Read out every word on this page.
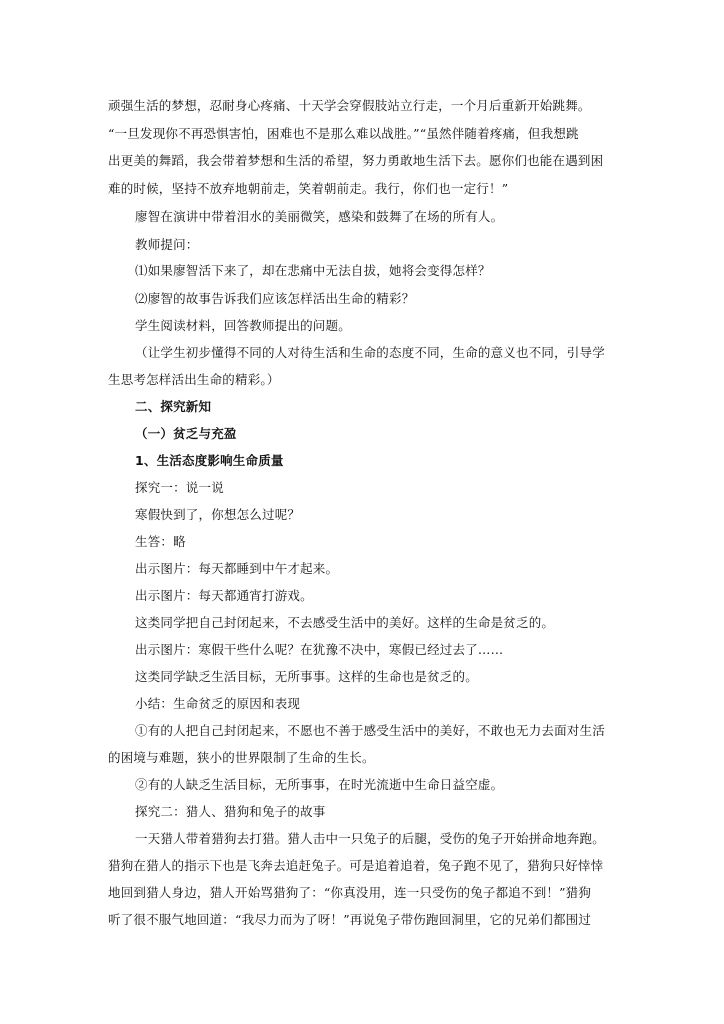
顽强生活的梦想，忍耐身心疼痛、十天学会穿假肢站立行走，一个月后重新开始跳舞。
“一旦发现你不再恐惧害怕，困难也不是那么难以战胜。”“虽然伴随着疼痛，但我想跳
出更美的舞蹈，我会带着梦想和生活的希望，努力勇敢地生活下去。愿你们也能在遇到困
难的时候，坚持不放弃地朝前走，笑着朝前走。我行，你们也一定行！”
廖智在演讲中带着泪水的美丽微笑，感染和鼓舞了在场的所有人。
教师提问：
⑴如果廖智活下来了，却在悲痛中无法自拔，她将会变得怎样？
⑵廖智的故事告诉我们应该怎样活出生命的精彩？
学生阅读材料，回答教师提出的问题。
（让学生初步懂得不同的人对待生活和生命的态度不同，生命的意义也不同，引导学
生思考怎样活出生命的精彩。）
二、探究新知
（一）贫乏与充盈
1、生活态度影响生命质量
探究一：说一说
寒假快到了，你想怎么过呢？
生答：略
出示图片：每天都睡到中午才起来。
出示图片：每天都通宵打游戏。
这类同学把自己封闭起来，不去感受生活中的美好。这样的生命是贫乏的。
出示图片：寒假干些什么呢？在犹豫不决中，寒假已经过去了……
这类同学缺乏生活目标，无所事事。这样的生命也是贫乏的。
小结：生命贫乏的原因和表现
①有的人把自己封闭起来，不愿也不善于感受生活中的美好，不敢也无力去面对生活
的困境与难题，狭小的世界限制了生命的生长。
②有的人缺乏生活目标，无所事事，在时光流逝中生命日益空虚。
探究二：猎人、猎狗和兔子的故事
一天猎人带着猎狗去打猎。猎人击中一只兔子的后腿，受伤的兔子开始拼命地奔跑。
猎狗在猎人的指示下也是飞奔去追赶兔子。可是追着追着，兔子跑不见了，猎狗只好悻悻
地回到猎人身边，猎人开始骂猎狗了：“你真没用，连一只受伤的兔子都追不到！”猎狗
听了很不服气地回道：“我尽力而为了呀！”再说兔子带伤跑回洞里，它的兄弟们都围过
